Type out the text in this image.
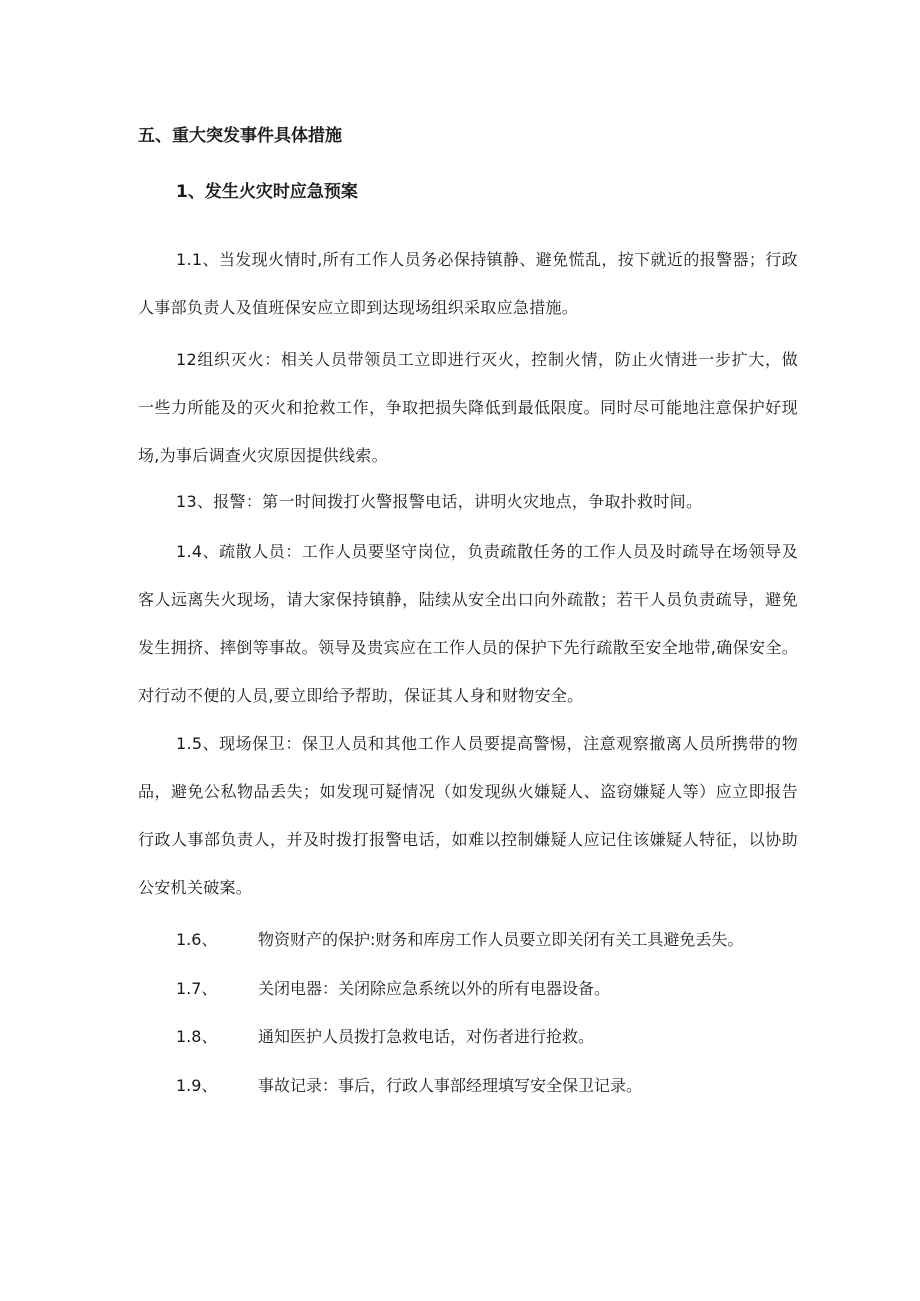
五、重大突发事件具体措施
1、发生火灾时应急预案

1.1、当发现火情时,所有工作人员务必保持镇静、避免慌乱，按下就近的报警器；行政人事部负责人及值班保安应立即到达现场组织采取应急措施。

12组织灭火：相关人员带领员工立即进行灭火，控制火情，防止火情进一步扩大，做一些力所能及的灭火和抢救工作，争取把损失降低到最低限度。同时尽可能地注意保护好现场,为事后调查火灾原因提供线索。

13、报警：第一时间拨打火警报警电话，讲明火灾地点，争取扑救时间。

1.4、疏散人员：工作人员要坚守岗位，负责疏散任务的工作人员及时疏导在场领导及客人远离失火现场，请大家保持镇静，陆续从安全出口向外疏散；若干人员负责疏导，避免发生拥挤、摔倒等事故。领导及贵宾应在工作人员的保护下先行疏散至安全地带,确保安全。对行动不便的人员,要立即给予帮助，保证其人身和财物安全。

1.5、现场保卫：保卫人员和其他工作人员要提高警惕，注意观察撤离人员所携带的物品，避免公私物品丢失；如发现可疑情况（如发现纵火嫌疑人、盗窃嫌疑人等）应立即报告行政人事部负责人，并及时拨打报警电话，如难以控制嫌疑人应记住该嫌疑人特征，以协助公安机关破案。

1.6、	物资财产的保护:财务和库房工作人员要立即关闭有关工具避免丢失。
1.7、	关闭电器：关闭除应急系统以外的所有电器设备。
1.8、	通知医护人员拨打急救电话，对伤者进行抢救。
1.9、	事故记录：事后，行政人事部经理填写安全保卫记录。
